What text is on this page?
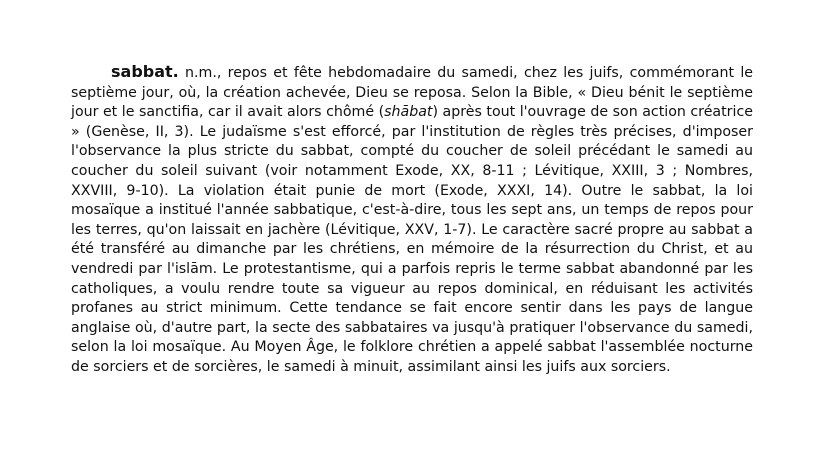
sabbat. n.m., repos et fête hebdomadaire du samedi, chez les juifs, commémorant le septième jour, où, la création achevée, Dieu se reposa. Selon la Bible, « Dieu bénit le septième jour et le sanctifia, car il avait alors chômé (shābat) après tout l'ouvrage de son action créatrice » (Genèse, II, 3). Le judaïsme s'est efforcé, par l'institution de règles très précises, d'imposer l'observance la plus stricte du sabbat, compté du coucher de soleil précédant le samedi au coucher du soleil suivant (voir notamment Exode, XX, 8-11 ; Lévitique, XXIII, 3 ; Nombres, XXVIII, 9-10). La violation était punie de mort (Exode, XXXI, 14). Outre le sabbat, la loi mosaïque a institué l'année sabbatique, c'est-à-dire, tous les sept ans, un temps de repos pour les terres, qu'on laissait en jachère (Lévitique, XXV, 1-7). Le caractère sacré propre au sabbat a été transféré au dimanche par les chrétiens, en mémoire de la résurrection du Christ, et au vendredi par l'islām. Le protestantisme, qui a parfois repris le terme sabbat abandonné par les catholiques, a voulu rendre toute sa vigueur au repos dominical, en réduisant les activités profanes au strict minimum. Cette tendance se fait encore sentir dans les pays de langue anglaise où, d'autre part, la secte des sabbataires va jusqu'à pratiquer l'observance du samedi, selon la loi mosaïque. Au Moyen Âge, le folklore chrétien a appelé sabbat l'assemblée nocturne de sorciers et de sorcières, le samedi à minuit, assimilant ainsi les juifs aux sorciers.
